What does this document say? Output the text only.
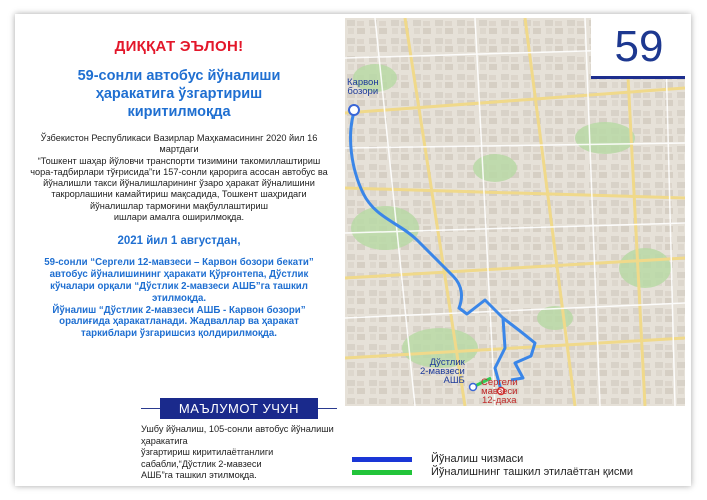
ДИҚҚАТ ЭЪЛОН!
59-сонли автобус йўналиши
ҳаракатига ўзгартириш
киритилмоқда
Ўзбекистон Республикаси Вазирлар Маҳкамасининг 2020 йил 16 мартдаги
“Тошкент шаҳар йўловчи транспорти тизимини такомиллаштириш
чора-тадбирлари тўғрисида”ги 157-сонли қарорига асосан автобус ва
йўналишли такси йўналишларининг ўзаро ҳаракат йўналишини
такрорлашини камайтириш мақсадида, Тошкент шаҳридаги
йўналишлар тармоғини мақбуллаштириш
ишлари амалга оширилмоқда.
2021 йил 1 августдан,
59-сонли “Сергели 12-мавзеси – Карвон бозори бекати”
автобус йўналишининг ҳаракати Қўрғонтепа, Дўстлик
кўчалари орқали “Дўстлик 2-мавзеси АШБ”га ташкил
этилмоқда.
Йўналиш “Дўстлик 2-мавзеси АШБ - Карвон бозори”
оралиғида ҳаракатланади. Жадваллар ва ҳаракат
таркиблари ўзгаришсиз қолдирилмоқда.
МАЪЛУМОТ УЧУН
Ушбу йўналиш, 105-сонли автобус йўналиши ҳаракатига
ўзгартириш киритилаётганлиги сабабли,“Дўстлик 2-мавзеси
АШБ”га ташкил этилмоқда.
Карвон
бозори
Дўстлик
2-мавзеси
АШБ Сергели
мавзеси
12-даха
59
Йўналиш чизмаси
Йўналишнинг ташкил этилаётган қисми
